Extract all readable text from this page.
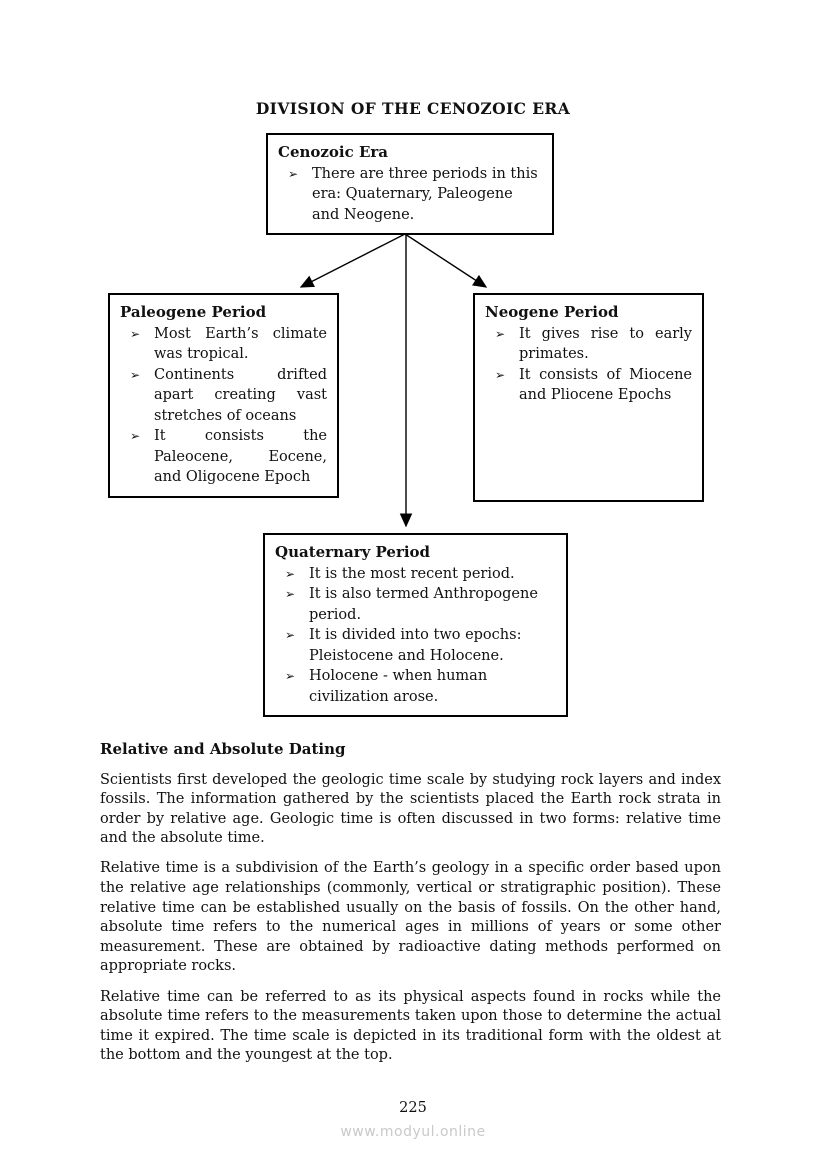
DIVISION OF THE CENOZOIC ERA
Cenozoic Era
➢ There are three periods in this era: Quaternary, Paleogene and Neogene.
Paleogene Period
➢ Most Earth’s climate was tropical.
➢ Continents drifted apart creating vast stretches of oceans
➢ It consists the Paleocene, Eocene, and Oligocene Epoch
Neogene Period
➢ It gives rise to early primates.
➢ It consists of Miocene and Pliocene Epochs
Quaternary Period
➢ It is the most recent period.
➢ It is also termed Anthropogene period.
➢ It is divided into two epochs: Pleistocene and Holocene.
➢ Holocene - when human civilization arose.
Relative and Absolute Dating

Scientists first developed the geologic time scale by studying rock layers and index fossils. The information gathered by the scientists placed the Earth rock strata in order by relative age. Geologic time is often discussed in two forms: relative time and the absolute time.

Relative time is a subdivision of the Earth’s geology in a specific order based upon the relative age relationships (commonly, vertical or stratigraphic position). These relative time can be established usually on the basis of fossils. On the other hand, absolute time refers to the numerical ages in millions of years or some other measurement. These are obtained by radioactive dating methods performed on appropriate rocks.

Relative time can be referred to as its physical aspects found in rocks while the absolute time refers to the measurements taken upon those to determine the actual time it expired. The time scale is depicted in its traditional form with the oldest at the bottom and the youngest at the top.

225
www.modyul.online
